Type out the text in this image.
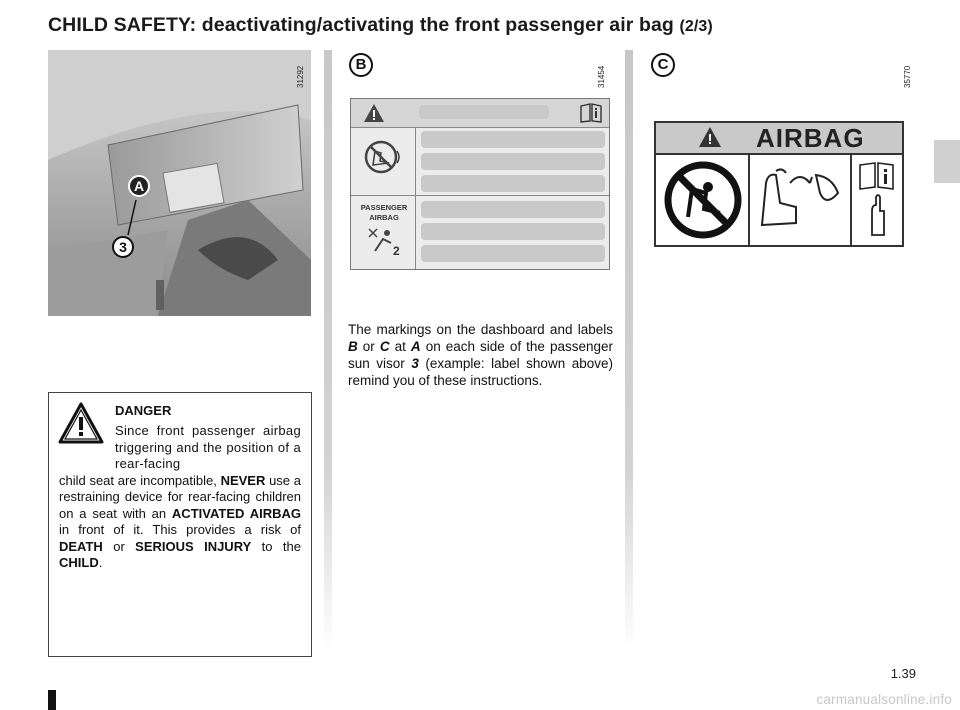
CHILD SAFETY: deactivating/activating the front passenger air bag (2/3)
A
3
31292
B
31454
PASSENGER AIRBAG
2
C
35770
AIRBAG

The markings on the dashboard and labels B or C at A on each side of the passenger sun visor 3 (example: label shown above) remind you of these instructions.

DANGER

Since front passenger airbag triggering and the position of a rear-facing
child seat are incompatible, NEVER use a restraining device for rear-facing children on a seat with an ACTIVATED AIRBAG in front of it. This provides a risk of DEATH or SERIOUS INJURY to the CHILD.

1.39
carmanualsonline.info
